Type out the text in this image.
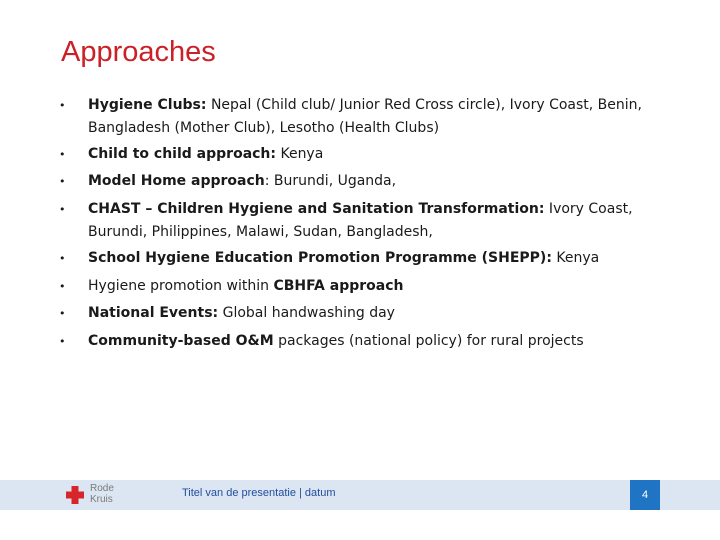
Approaches
•	Hygiene Clubs: Nepal (Child club/ Junior Red Cross circle), Ivory Coast, Benin, Bangladesh (Mother Club), Lesotho (Health Clubs)
•	Child to child approach: Kenya
•	Model Home approach: Burundi, Uganda,
•	CHAST – Children Hygiene and Sanitation Transformation: Ivory Coast, Burundi, Philippines, Malawi, Sudan, Bangladesh,
•	School Hygiene Education Promotion Programme (SHEPP): Kenya
•	Hygiene promotion within CBHFA approach
•	National Events: Global handwashing day
•	Community-based O&M packages (national policy) for rural projects
Rode
Kruis
Titel van de presentatie | datum	4
